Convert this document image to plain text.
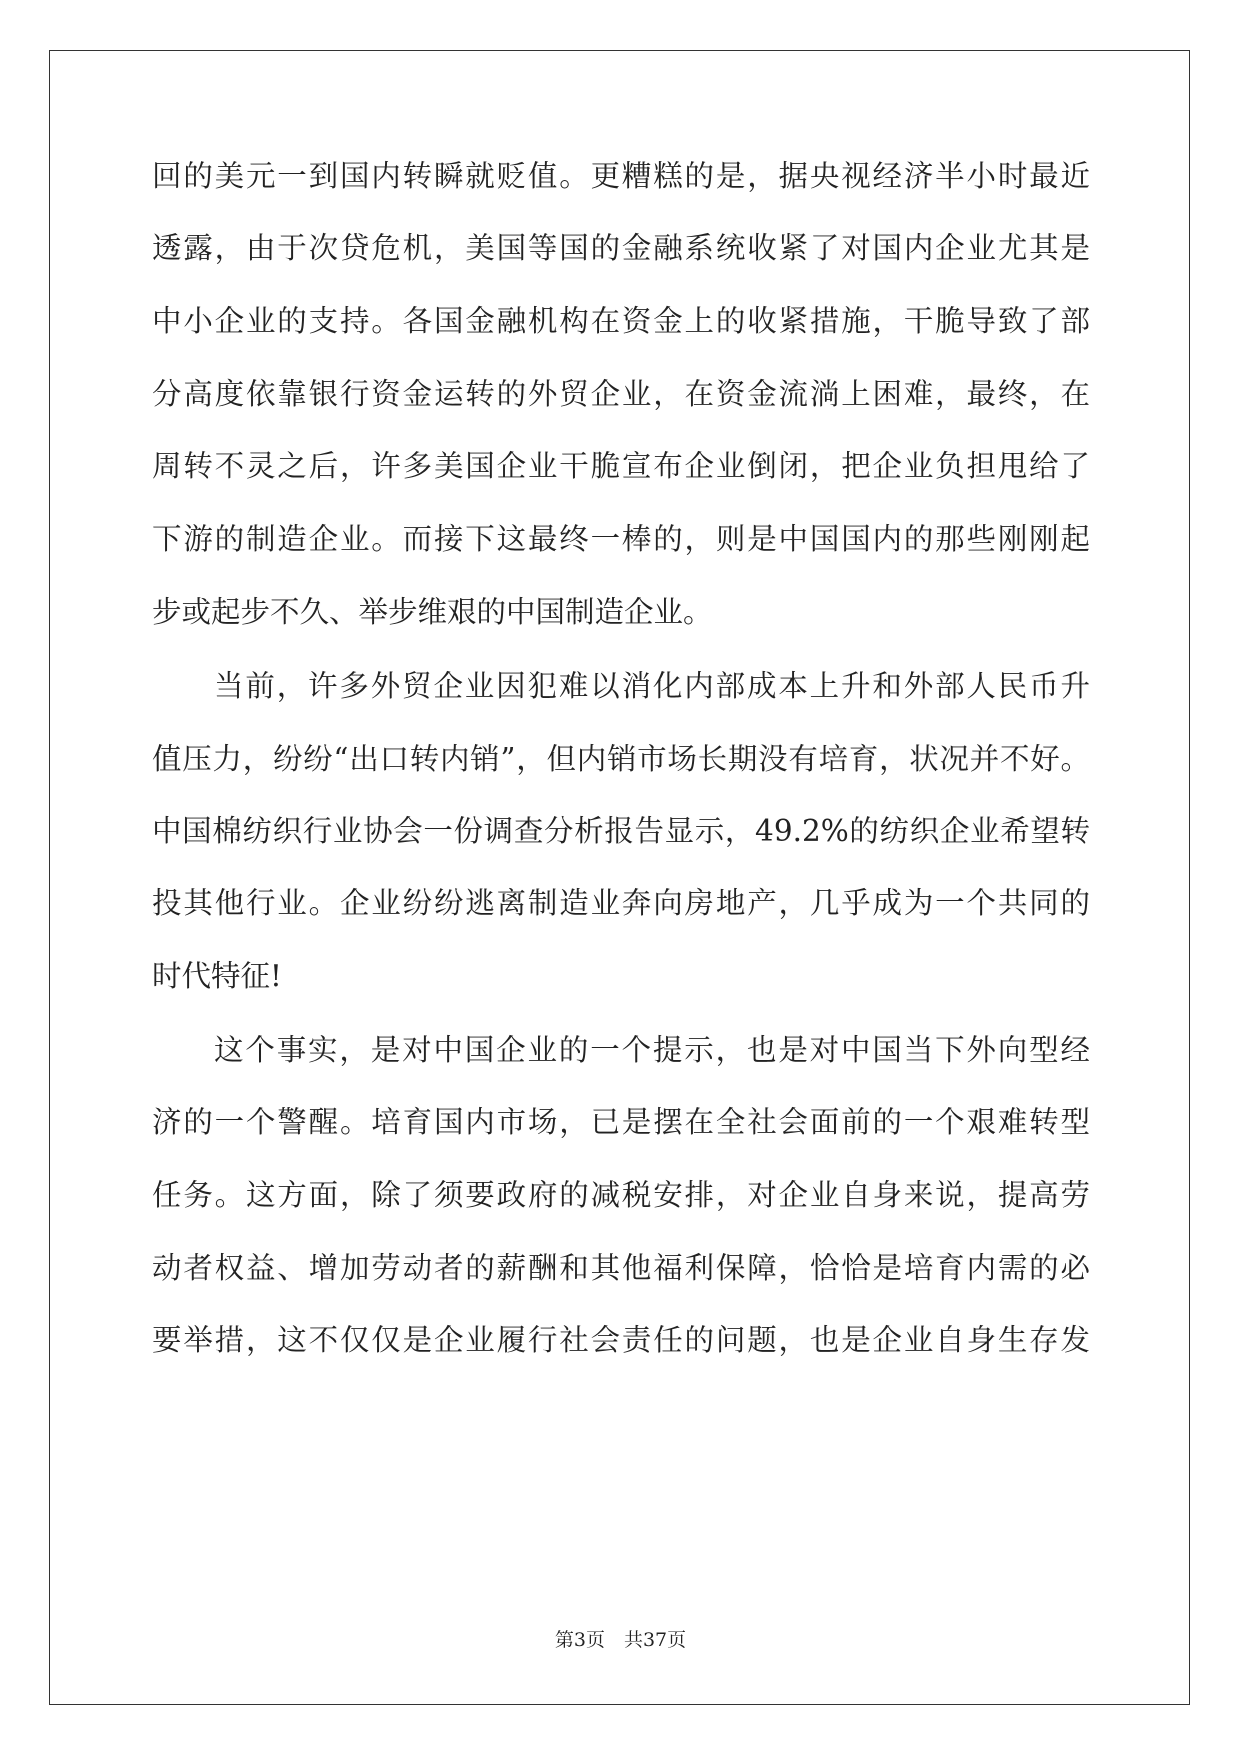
回的美元一到国内转瞬就贬值。更糟糕的是，据央视经济半小时最近
透露，由于次贷危机，美国等国的金融系统收紧了对国内企业尤其是
中小企业的支持。各国金融机构在资金上的收紧措施，干脆导致了部
分高度依靠银行资金运转的外贸企业，在资金流淌上困难，最终，在
周转不灵之后，许多美国企业干脆宣布企业倒闭，把企业负担甩给了
下游的制造企业。而接下这最终一棒的，则是中国国内的那些刚刚起
步或起步不久、举步维艰的中国制造企业。
当前，许多外贸企业因犯难以消化内部成本上升和外部人民币升
值压力，纷纷“出口转内销”，但内销市场长期没有培育，状况并不好。
中国棉纺织行业协会一份调查分析报告显示，49.2%的纺织企业希望转
投其他行业。企业纷纷逃离制造业奔向房地产，几乎成为一个共同的
时代特征!
这个事实，是对中国企业的一个提示，也是对中国当下外向型经
济的一个警醒。培育国内市场，已是摆在全社会面前的一个艰难转型
任务。这方面，除了须要政府的减税安排，对企业自身来说，提高劳
动者权益、增加劳动者的薪酬和其他福利保障，恰恰是培育内需的必
要举措，这不仅仅是企业履行社会责任的问题，也是企业自身生存发
第3页　共37页
